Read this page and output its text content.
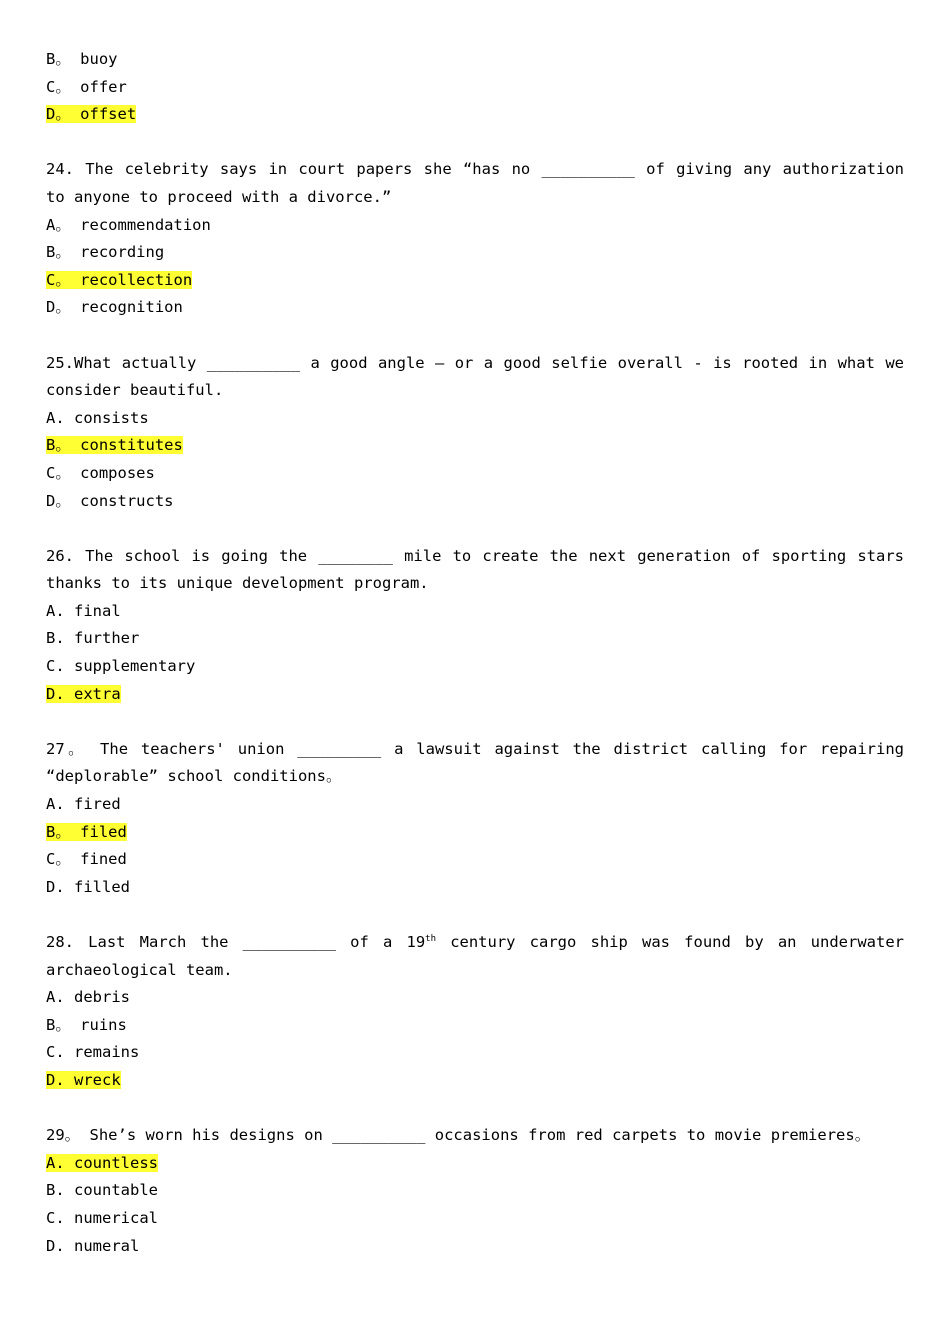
B。 buoy
C。 offer
D。 offset
24. The celebrity says in court papers she “has no __________ of giving any authorization to anyone to proceed with a divorce.”
A。 recommendation
B。 recording
C。 recollection
D。 recognition
25.What actually __________ a good angle — or a good selfie overall - is rooted in what we consider beautiful.
A. consists
B。 constitutes
C。 composes
D。 constructs
26. The school is going the ________ mile to create the next generation of sporting stars thanks to its unique development program.
A. final
B. further
C. supplementary
D. extra
27。 The teachers' union _________ a lawsuit against the district calling for repairing “deplorable” school conditions。
A. fired
B。 filed
C。 fined
D. filled
28. Last March the __________ of a 19th century cargo ship was found by an underwater archaeological team.
A. debris
B。 ruins
C. remains
D. wreck
29。 She’s worn his designs on __________ occasions from red carpets to movie premieres。
A. countless
B. countable
C. numerical
D. numeral
